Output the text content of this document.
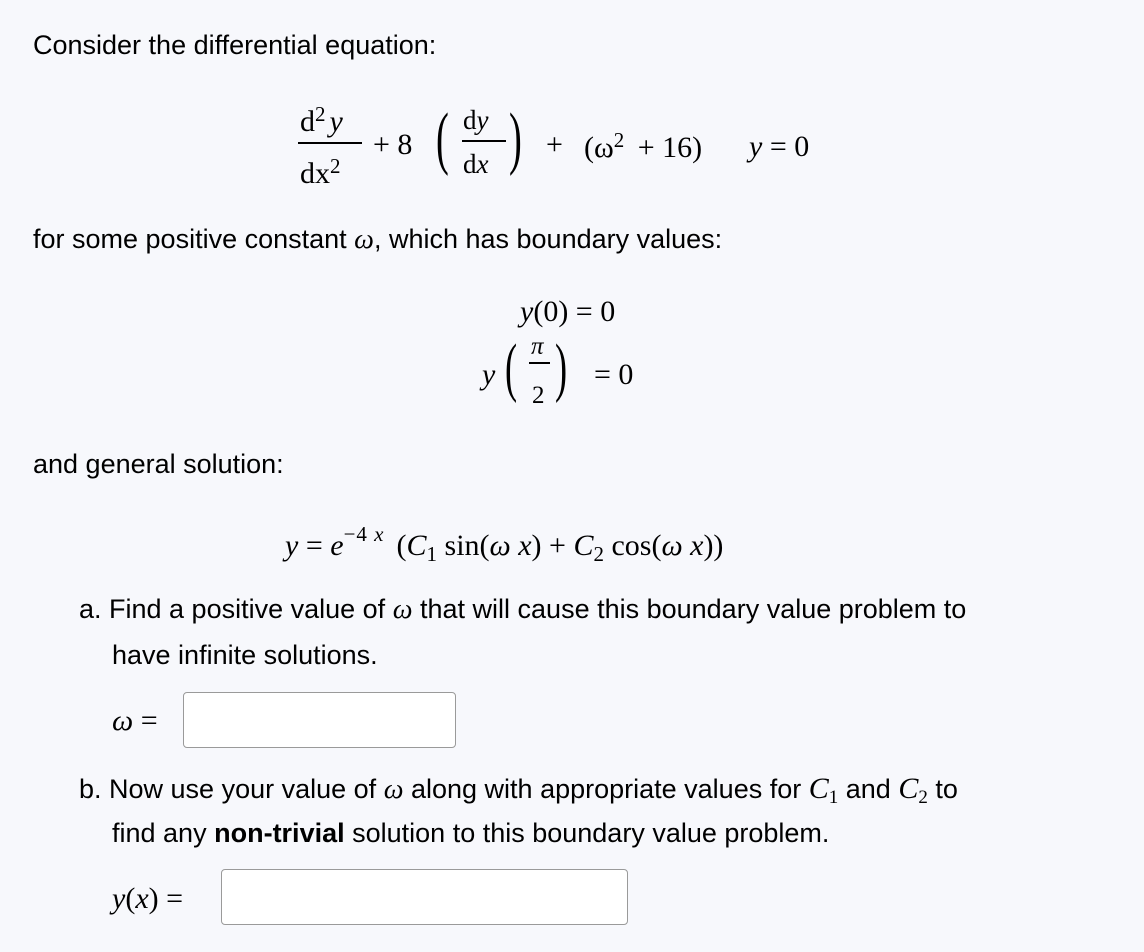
Consider the differential equation:
$d^2$ y
$dx^2$
+ 8 ( dy
dx ) + $(\omega^2 + 16) y = 0$
for some positive constant ω, which has boundary values:
y(0) = 0
y ( π
2 ) = 0
and general solution:
$y = e^{-4 x}$ ($C_1$ sin(ω $x) + C_2$ cos(ω x))
a. Find a positive value of ω that will cause this boundary value problem to
have infinite solutions.
ω =
b. Now use your value of ω along with appropriate values for $C_1$ and $C_2$ to
find any non-trivial solution to this boundary value problem.
y(x) =
